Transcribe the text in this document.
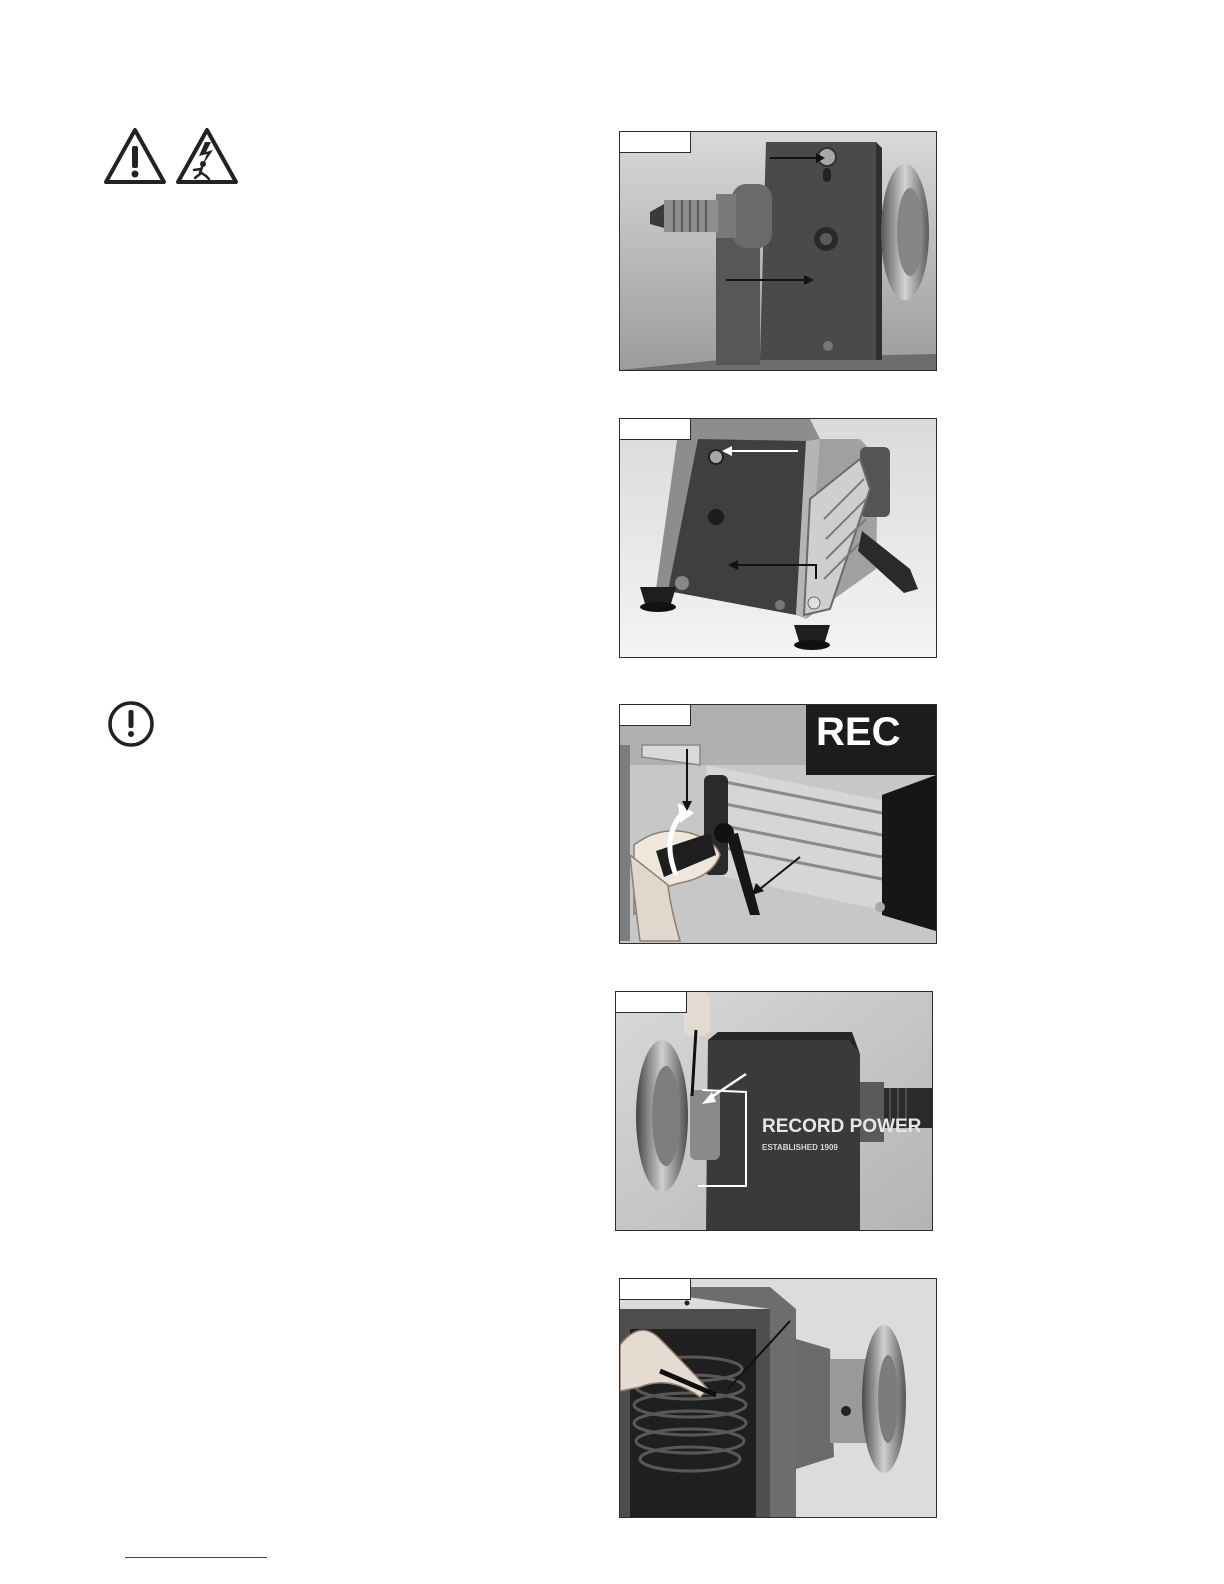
REC
RECORD POWER
ESTABLISHED 1909
